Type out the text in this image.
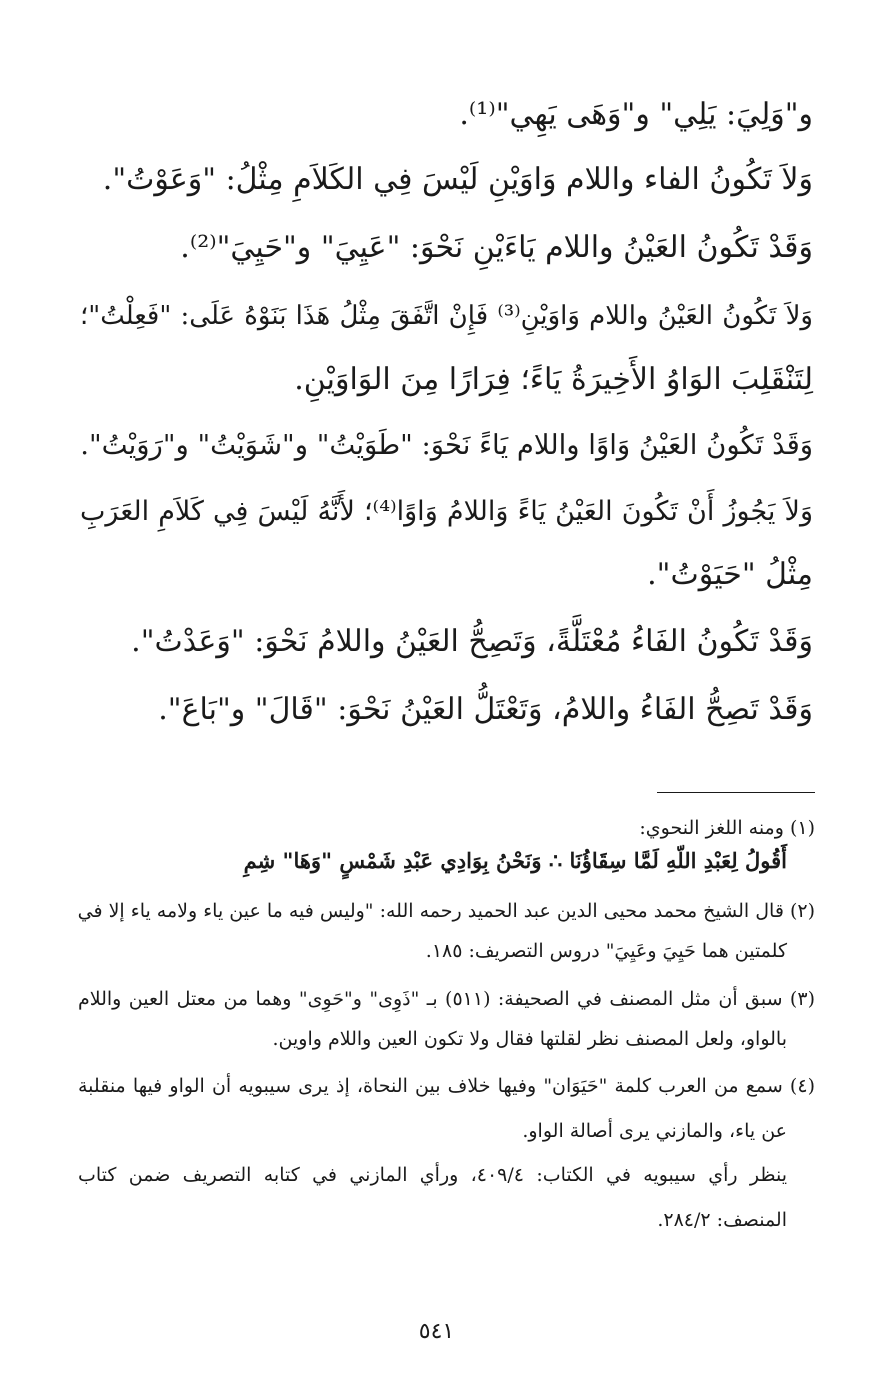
و"وَلِيَ: يَلِي" و"وَهَى يَهِي"⁽¹⁾.
وَلاَ تَكُونُ الفاء واللام وَاوَيْنِ لَيْسَ فِي الكَلاَمِ مِثْلُ: "وَعَوْتُ".
وَقَدْ تَكُونُ العَيْنُ واللام يَاءَيْنِ نَحْوَ: "عَيِيَ" و"حَيِيَ"⁽²⁾.
وَلاَ تَكُونُ العَيْنُ واللام وَاوَيْنِ⁽³⁾ فَإِنْ اتَّفَقَ مِثْلُ هَذَا بَنَوْهُ عَلَى: "فَعِلْتُ"؛
لِتَنْقَلِبَ الوَاوُ الأَخِيرَةُ يَاءً؛ فِرَارًا مِنَ الوَاوَيْنِ.
وَقَدْ تَكُونُ العَيْنُ وَاوًا واللام يَاءً نَحْوَ: "طَوَيْتُ" و"شَوَيْتُ" و"رَوَيْتُ".
وَلاَ يَجُوزُ أَنْ تَكُونَ العَيْنُ يَاءً وَاللامُ وَاوًا⁽⁴⁾؛ لأَنَّهُ لَيْسَ فِي كَلاَمِ العَرَبِ
مِثْلُ "حَيَوْتُ".
وَقَدْ تَكُونُ الفَاءُ مُعْتَلَّةً، وَتَصِحُّ العَيْنُ واللامُ نَحْوَ: "وَعَدْتُ".
وَقَدْ تَصِحُّ الفَاءُ واللامُ، وَتَعْتَلُّ العَيْنُ نَحْوَ: "قَالَ" و"بَاعَ".
(١) ومنه اللغز النحوي:
أَقُولُ لِعَبْدِ اللّهِ لَمَّا سِقَاؤُنَا ∴ وَنَحْنُ بِوَادِي عَبْدِ شَمْسٍ "وَهَا" شِمِ
(٢) قال الشيخ محمد محيى الدين عبد الحميد رحمه الله: "وليس فيه ما عين ياء ولامه ياء إلا في
كلمتين هما حَيِيَ وعَيِيَ" دروس التصريف: ١٨٥.
(٣) سبق أن مثل المصنف في الصحيفة: (٥١١) بـ "ذَوِى" و"حَوِى" وهما من معتل العين واللام
بالواو، ولعل المصنف نظر لقلتها فقال ولا تكون العين واللام واوين.
(٤) سمع من العرب كلمة "حَيَوَان" وفيها خلاف بين النحاة، إذ يرى سيبويه أن الواو فيها منقلبة
عن ياء، والمازني يرى أصالة الواو.
ينظر رأي سيبويه في الكتاب: ٤٠٩/٤، ورأي المازني في كتابه التصريف ضمن كتاب
المنصف: ٢٨٤/٢.
٥٤١
